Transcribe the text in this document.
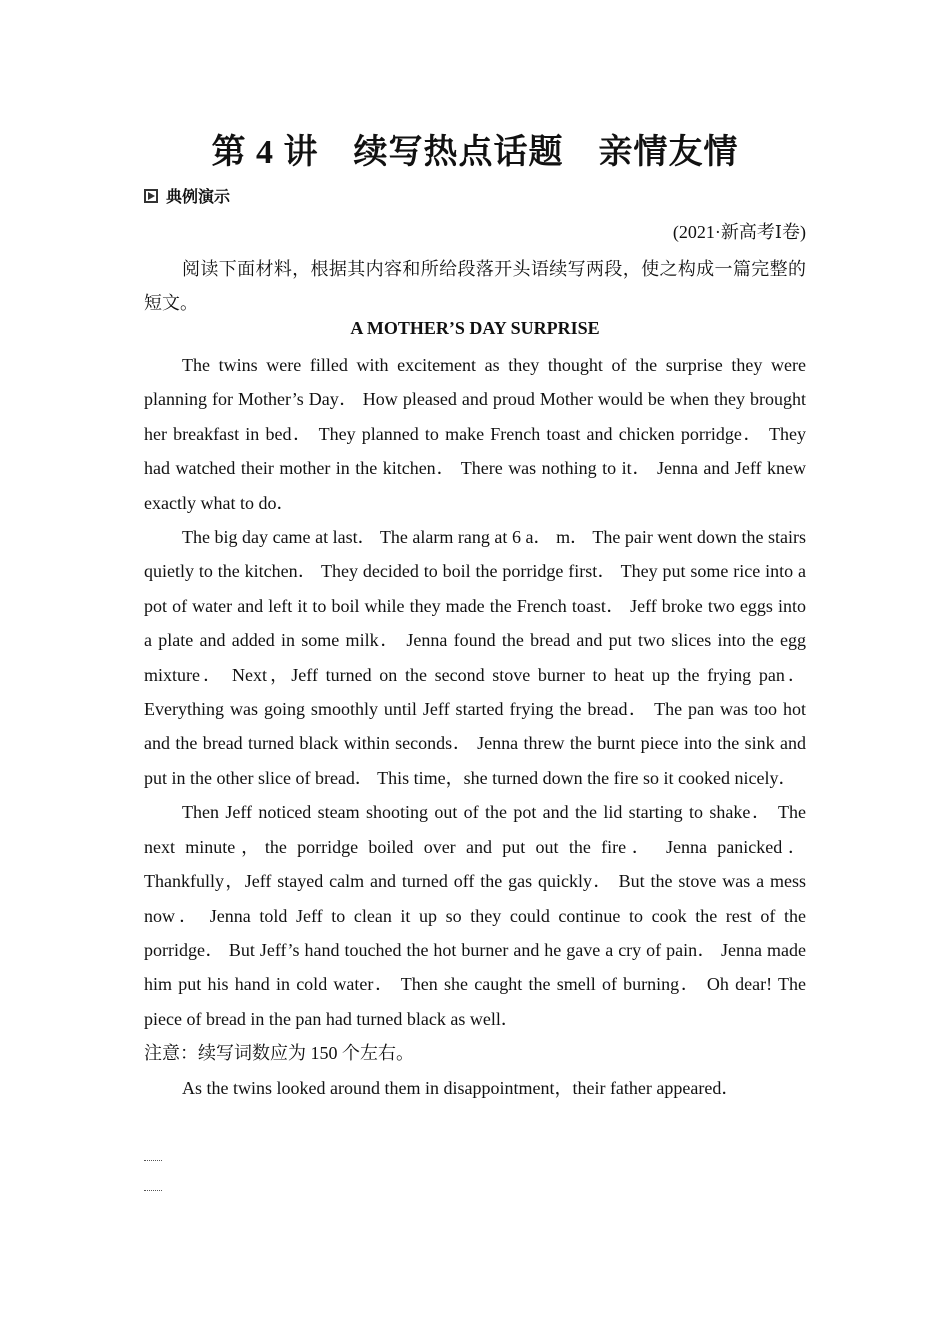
第 4 讲　续写热点话题　亲情友情
典例演示
(2021·新高考Ⅰ卷)
阅读下面材料，根据其内容和所给段落开头语续写两段，使之构成一篇完整的短文。
A MOTHER’S DAY SURPRISE

The twins were filled with excitement as they thought of the surprise they were planning for Mother’s Day． How pleased and proud Mother would be when they brought her breakfast in bed． They planned to make French toast and chicken porridge． They had watched their mother in the kitchen． There was nothing to it． Jenna and Jeff knew exactly what to do．

The big day came at last． The alarm rang at 6 a． m． The pair went down the stairs quietly to the kitchen． They decided to boil the porridge first． They put some rice into a pot of water and left it to boil while they made the French toast． Jeff broke two eggs into a plate and added in some milk． Jenna found the bread and put two slices into the egg mixture． Next，Jeff turned on the second stove burner to heat up the frying pan． Everything was going smoothly until Jeff started frying the bread． The pan was too hot and the bread turned black within seconds． Jenna threw the burnt piece into the sink and put in the other slice of bread． This time，she turned down the fire so it cooked nicely．

Then Jeff noticed steam shooting out of the pot and the lid starting to shake． The next minute，the porridge boiled over and put out the fire． Jenna panicked． Thankfully，Jeff stayed calm and turned off the gas quickly． But the stove was a mess now． Jenna told Jeff to clean it up so they could continue to cook the rest of the porridge． But Jeff’s hand touched the hot burner and he gave a cry of pain． Jenna made him put his hand in cold water． Then she caught the smell of burning． Oh dear! The piece of bread in the pan had turned black as well．

注意：续写词数应为 150 个左右。

As the twins looked around them in disappointment，their father appeared．
